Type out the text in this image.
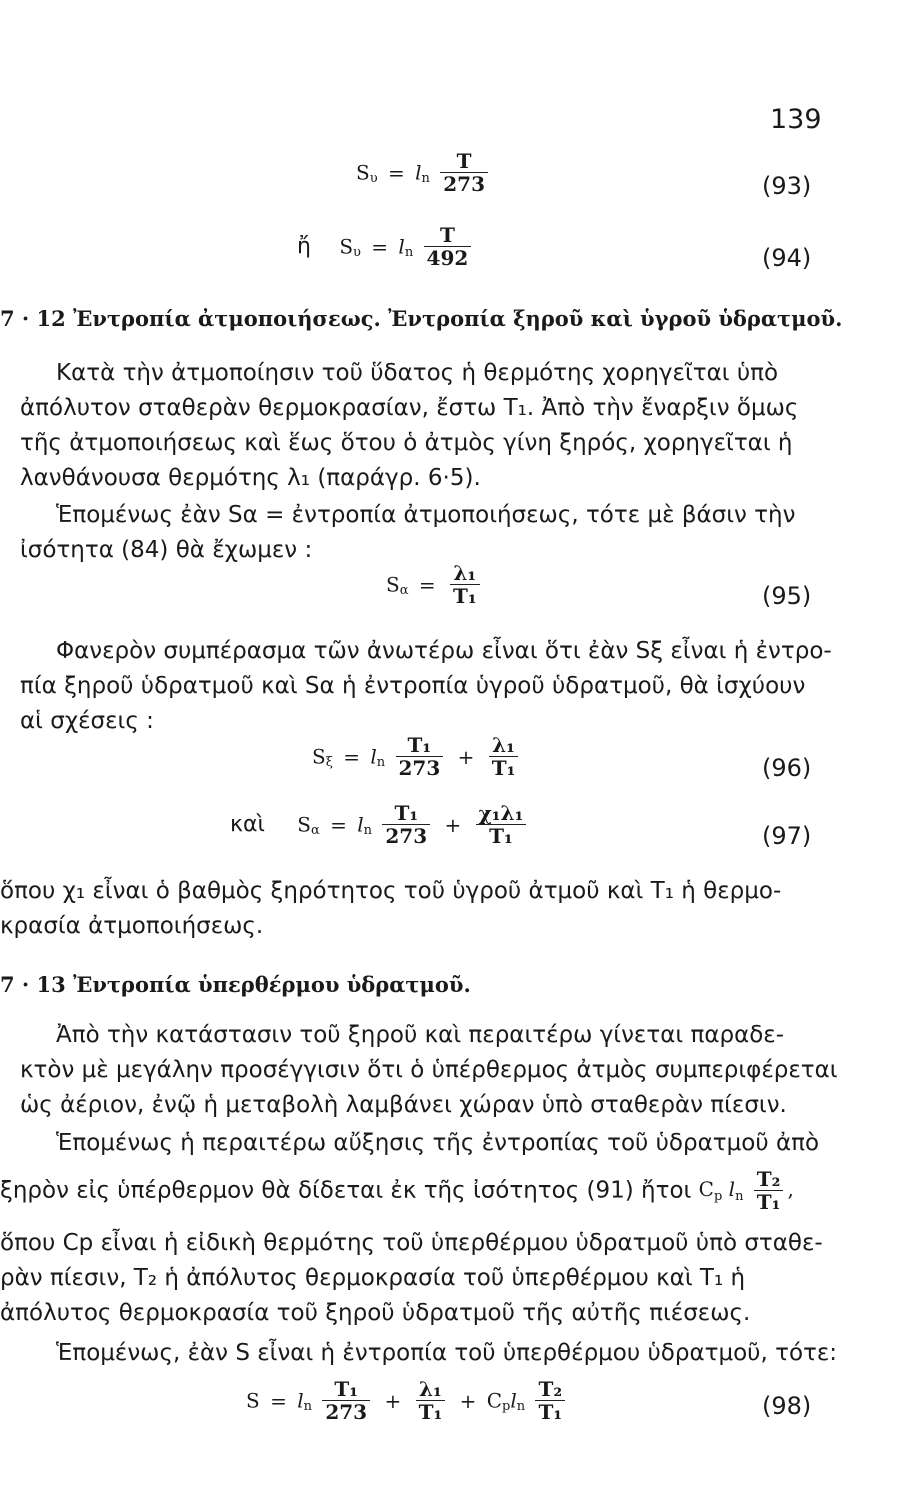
139
$S_\upsilon = l_n \frac{T}{273}$	(93)
ἤ $S_\upsilon = l_n \frac{T}{492}$	(94)
7 · 12 Ἐντροπία ἀτμοποιήσεως. Ἐντροπία ξηροῦ καὶ ὑγροῦ ὑδρατμοῦ.
Κατὰ τὴν ἀτμοποίησιν τοῦ ὕδατος ἡ θερμότης χορηγεῖται ὑπὸ
ἀπόλυτον σταθερὰν θερμοκρασίαν, ἔστω T₁. Ἀπὸ τὴν ἔναρξιν ὅμως
τῆς ἀτμοποιήσεως καὶ ἕως ὅτου ὁ ἀτμὸς γίνη ξηρός, χορηγεῖται ἡ
λανθάνουσα θερμότης λ₁ (παράγρ. 6·5).
Ἑπομένως ἐὰν Sα = ἐντροπία ἀτμοποιήσεως, τότε μὲ βάσιν τὴν
ἰσότητα (84) θὰ ἔχωμεν :
$S_\alpha = \frac{\text{λ₁}}{\text{T₁}}$	(95)
Φανερὸν συμπέρασμα τῶν ἀνωτέρω εἶναι ὅτι ἐὰν Sξ εἶναι ἡ ἐντρο-
πία ξηροῦ ὑδρατμοῦ καὶ Sα ἡ ἐντροπία ὑγροῦ ὑδρατμοῦ, θὰ ἰσχύουν
αἱ σχέσεις :
$S_\xi = l_n \frac{\text{T₁}}{273} + \frac{\text{λ₁}}{\text{T₁}}$	(96)
καὶ $S_\alpha = l_n \frac{\text{T₁}}{273} + \frac{\text{χ₁λ₁}}{\text{T₁}}$	(97)
ὅπου χ₁ εἶναι ὁ βαθμὸς ξηρότητος τοῦ ὑγροῦ ἀτμοῦ καὶ T₁ ἡ θερμο-
κρασία ἀτμοποιήσεως.
7 · 13 Ἐντροπία ὑπερθέρμου ὑδρατμοῦ.
Ἀπὸ τὴν κατάστασιν τοῦ ξηροῦ καὶ περαιτέρω γίνεται παραδε-
κτὸν μὲ μεγάλην προσέγγισιν ὅτι ὁ ὑπέρθερμος ἀτμὸς συμπεριφέρεται
ὡς ἀέριον, ἐνῷ ἡ μεταβολὴ λαμβάνει χώραν ὑπὸ σταθερὰν πίεσιν.
Ἑπομένως ἡ περαιτέρω αὔξησις τῆς ἐντροπίας τοῦ ὑδρατμοῦ ἀπὸ
ξηρὸν εἰς ὑπέρθερμον θὰ δίδεται ἐκ τῆς ἰσότητος (91) ἤτοι $C_p$ $l_n \frac{\text{T₂}}{\text{T₁}}$ ,
ὅπου Cp εἶναι ἡ εἰδικὴ θερμότης τοῦ ὑπερθέρμου ὑδρατμοῦ ὑπὸ σταθε-
ρὰν πίεσιν, T₂ ἡ ἀπόλυτος θερμοκρασία τοῦ ὑπερθέρμου καὶ T₁ ἡ
ἀπόλυτος θερμοκρασία τοῦ ξηροῦ ὑδρατμοῦ τῆς αὐτῆς πιέσεως.
Ἑπομένως, ἐὰν S εἶναι ἡ ἐντροπία τοῦ ὑπερθέρμου ὑδρατμοῦ, τότε:
$S = l_n \frac{\text{T₁}}{273} + \frac{\text{λ₁}}{\text{T₁}} + C_pl_n \frac{\text{T₂}}{\text{T₁}}$	(98)
